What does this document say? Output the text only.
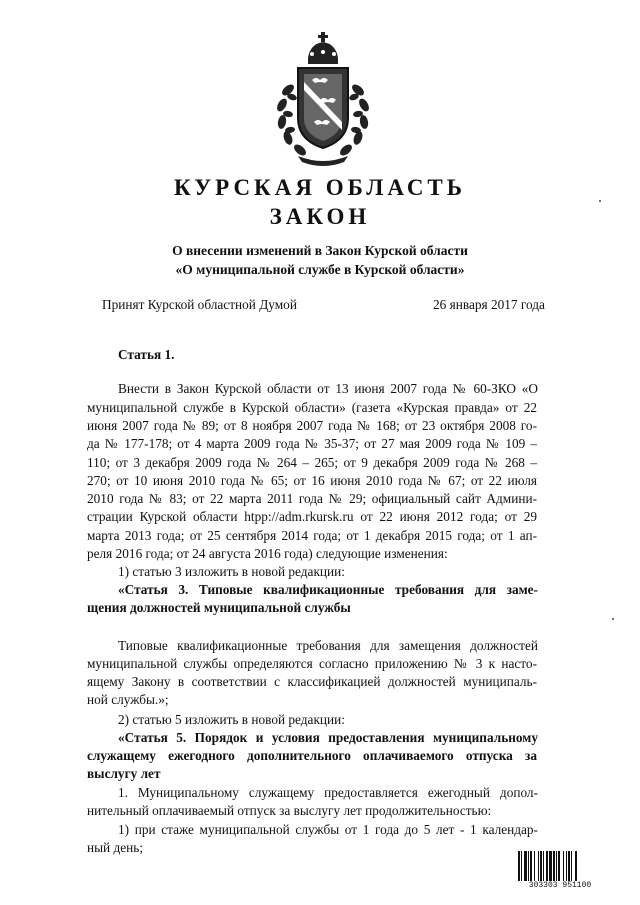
КУРСКАЯ ОБЛАСТЬ
ЗАКОН
О внесении изменений в Закон Курской области
«О муниципальной службе в Курской области»
Принят Курской областной Думой	26 января 2017 года
Статья 1.
Внести в Закон Курской области от 13 июня 2007 года № 60-ЗКО «О
муниципальной службе в Курской области» (газета «Курская правда» от 22
июня 2007 года № 89; от 8 ноября 2007 года № 168; от 23 октября 2008 го-
да № 177-178; от 4 марта 2009 года № 35-37; от 27 мая 2009 года № 109 –
110; от 3 декабря 2009 года № 264 – 265; от 9 декабря 2009 года № 268 –
270; от 10 июня 2010 года № 65; от 16 июня 2010 года № 67; от 22 июля
2010 года № 83; от 22 марта 2011 года № 29; официальный сайт Админи-
страции Курской области htpp://adm.rkursk.ru от 22 июня 2012 года; от 29
марта 2013 года; от 25 сентября 2014 года; от 1 декабря 2015 года; от 1 ап-
реля 2016 года; от 24 августа 2016 года) следующие изменения:
1) статью 3 изложить в новой редакции:
«Статья 3. Типовые квалификационные требования для заме-
щения должностей муниципальной службы
Типовые квалификационные требования для замещения должностей
муниципальной службы определяются согласно приложению № 3 к насто-
ящему Закону в соответствии с классификацией должностей муниципаль-
ной службы.»;
2) статью 5 изложить в новой редакции:
«Статья 5. Порядок и условия предоставления муниципальному
служащему ежегодного дополнительного оплачиваемого отпуска за
выслугу лет
1. Муниципальному служащему предоставляется ежегодный допол-
нительный оплачиваемый отпуск за выслугу лет продолжительностью:
1) при стаже муниципальной службы от 1 года до 5 лет - 1 календар-
ный день;
303303 951100
